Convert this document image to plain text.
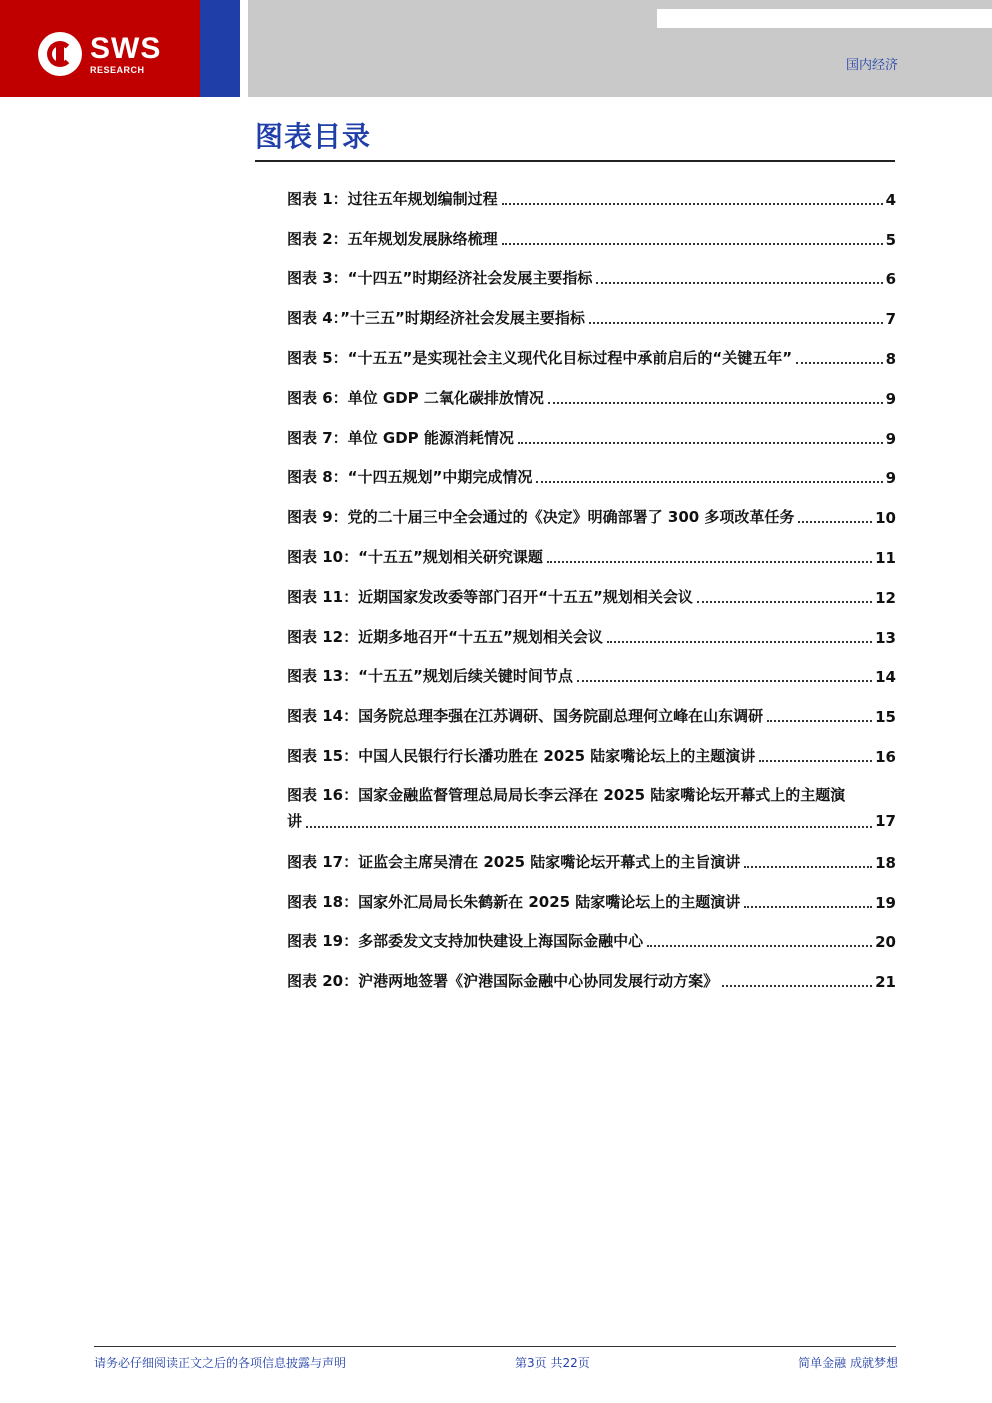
SWS
RESEARCH	国内经济
图表目录
图表 1：过往五年规划编制过程	4
图表 2：五年规划发展脉络梳理	5
图表 3：“十四五”时期经济社会发展主要指标	6
图表 4：”十三五”时期经济社会发展主要指标	7
图表 5：“十五五”是实现社会主义现代化目标过程中承前启后的“关键五年”	8
图表 6：单位 GDP 二氧化碳排放情况	9
图表 7：单位 GDP 能源消耗情况	9
图表 8：“十四五规划”中期完成情况	9
图表 9：党的二十届三中全会通过的《决定》明确部署了 300 多项改革任务	10
图表 10：“十五五”规划相关研究课题	11
图表 11：近期国家发改委等部门召开“十五五”规划相关会议	12
图表 12：近期多地召开“十五五”规划相关会议	13
图表 13：“十五五”规划后续关键时间节点	14
图表 14：国务院总理李强在江苏调研、国务院副总理何立峰在山东调研	15
图表 15：中国人民银行行长潘功胜在 2025 陆家嘴论坛上的主题演讲	16
图表 16：国家金融监督管理总局局长李云泽在 2025 陆家嘴论坛开幕式上的主题演
讲	17
图表 17：证监会主席吴清在 2025 陆家嘴论坛开幕式上的主旨演讲	18
图表 18：国家外汇局局长朱鹤新在 2025 陆家嘴论坛上的主题演讲	19
图表 19：多部委发文支持加快建设上海国际金融中心	20
图表 20：沪港两地签署《沪港国际金融中心协同发展行动方案》	21
请务必仔细阅读正文之后的各项信息披露与声明	第3页 共22页	简单金融 成就梦想
